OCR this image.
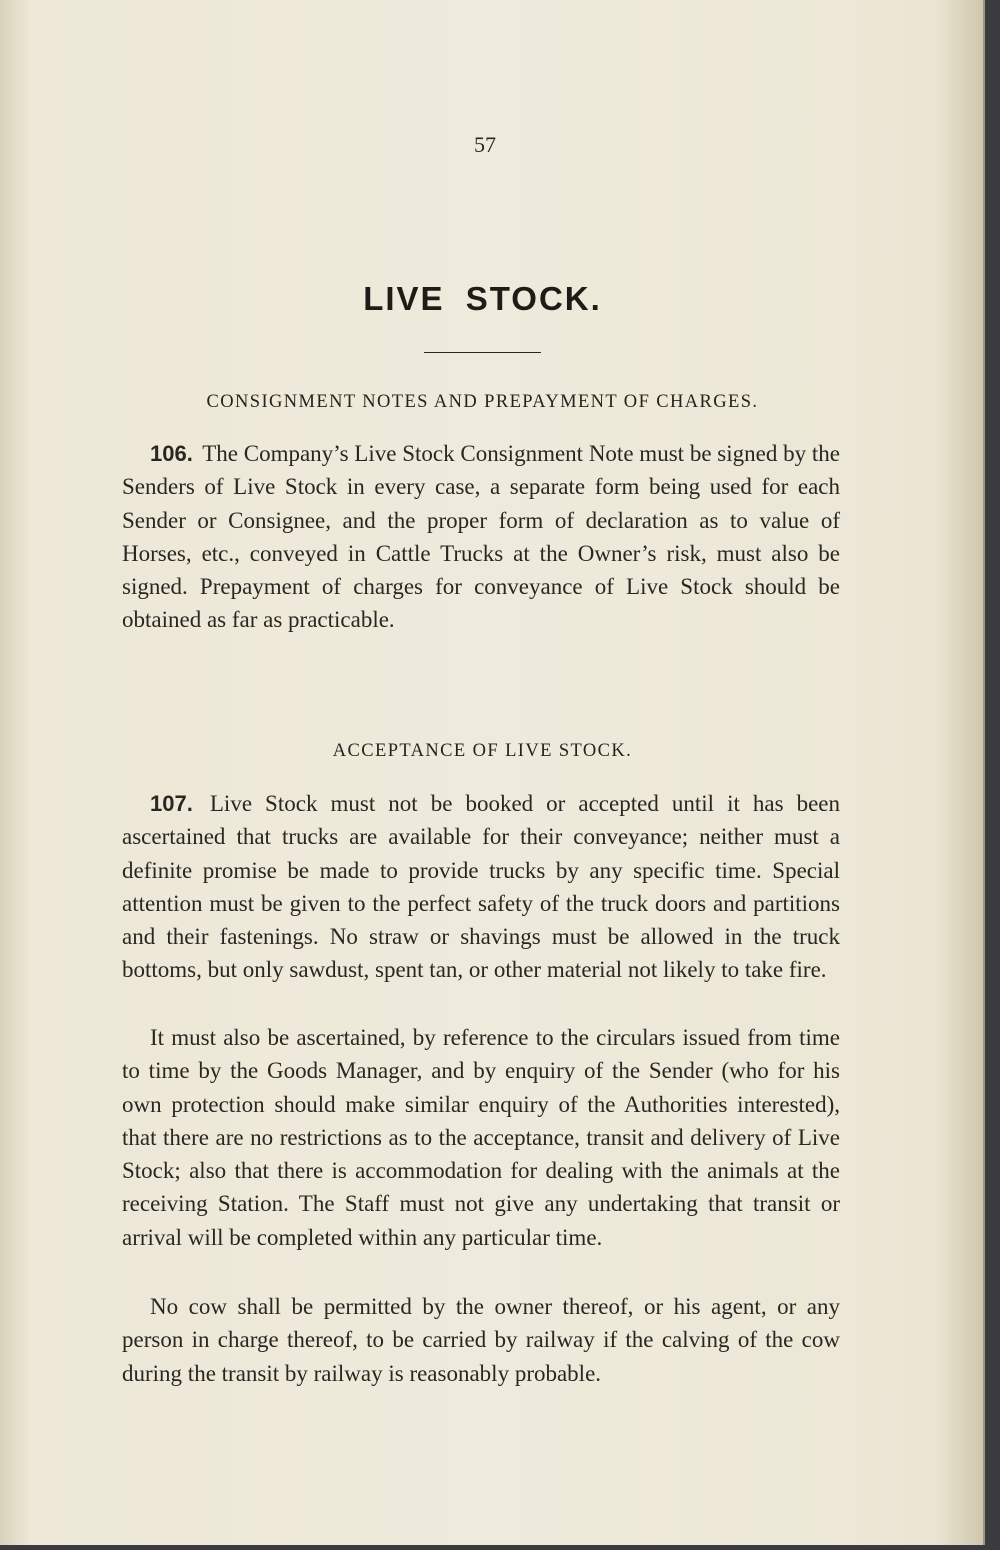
57
LIVE STOCK.
CONSIGNMENT NOTES AND PREPAYMENT OF CHARGES.
106. The Company’s Live Stock Consignment Note must be signed by the Senders of Live Stock in every case, a separate form being used for each Sender or Consignee, and the proper form of declaration as to value of Horses, etc., conveyed in Cattle Trucks at the Owner’s risk, must also be signed. Prepayment of charges for conveyance of Live Stock should be obtained as far as practicable.
ACCEPTANCE OF LIVE STOCK.
107. Live Stock must not be booked or accepted until it has been ascertained that trucks are available for their conveyance; neither must a definite promise be made to provide trucks by any specific time. Special attention must be given to the perfect safety of the truck doors and partitions and their fastenings. No straw or shavings must be allowed in the truck bottoms, but only sawdust, spent tan, or other material not likely to take fire.
It must also be ascertained, by reference to the circulars issued from time to time by the Goods Manager, and by enquiry of the Sender (who for his own protection should make similar enquiry of the Authorities interested), that there are no restrictions as to the acceptance, transit and delivery of Live Stock; also that there is accommodation for dealing with the animals at the receiving Station. The Staff must not give any undertaking that transit or arrival will be completed within any particular time.
No cow shall be permitted by the owner thereof, or his agent, or any person in charge thereof, to be carried by railway if the calving of the cow during the transit by railway is reasonably probable.
